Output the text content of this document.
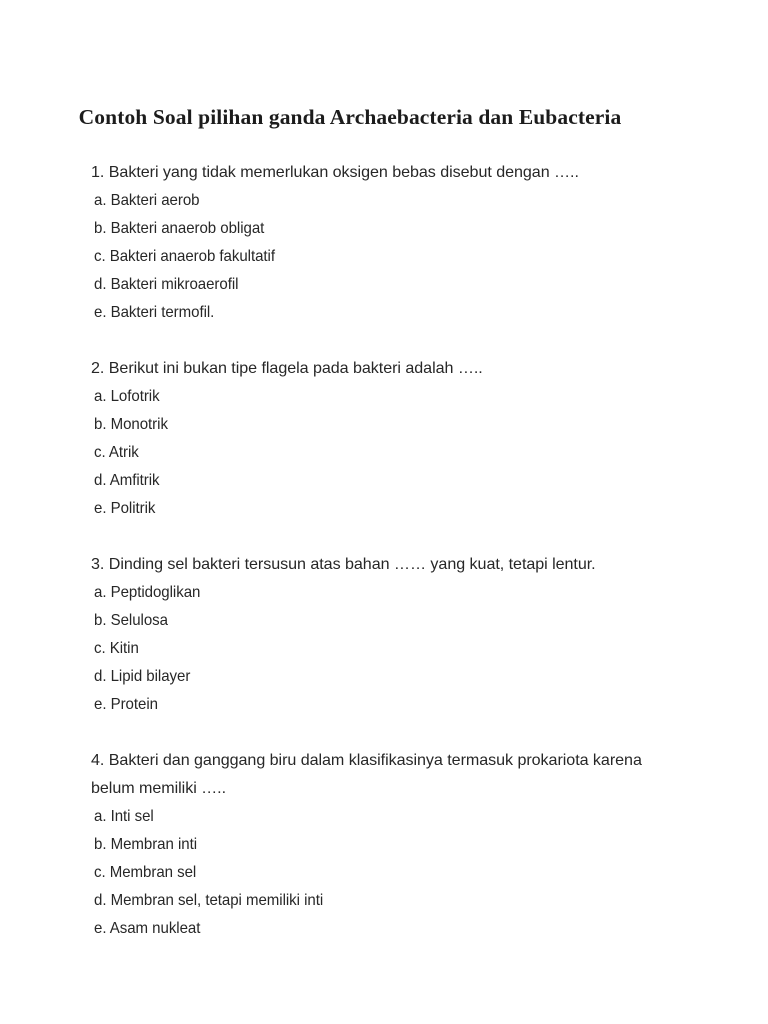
Contoh Soal pilihan ganda Archaebacteria dan Eubacteria

1. Bakteri yang tidak memerlukan oksigen bebas disebut dengan …..

a. Bakteri aerob
b. Bakteri anaerob obligat
c. Bakteri anaerob fakultatif
d. Bakteri mikroaerofil
e. Bakteri termofil.

2. Berikut ini bukan tipe flagela pada bakteri adalah …..

a. Lofotrik
b. Monotrik
c. Atrik
d. Amfitrik
e. Politrik

3. Dinding sel bakteri tersusun atas bahan …… yang kuat, tetapi lentur.

a. Peptidoglikan
b. Selulosa
c. Kitin
d. Lipid bilayer
e. Protein

4. Bakteri dan ganggang biru dalam klasifikasinya termasuk prokariota karena belum memiliki …..

a. Inti sel
b. Membran inti
c. Membran sel
d. Membran sel, tetapi memiliki inti
e. Asam nukleat
